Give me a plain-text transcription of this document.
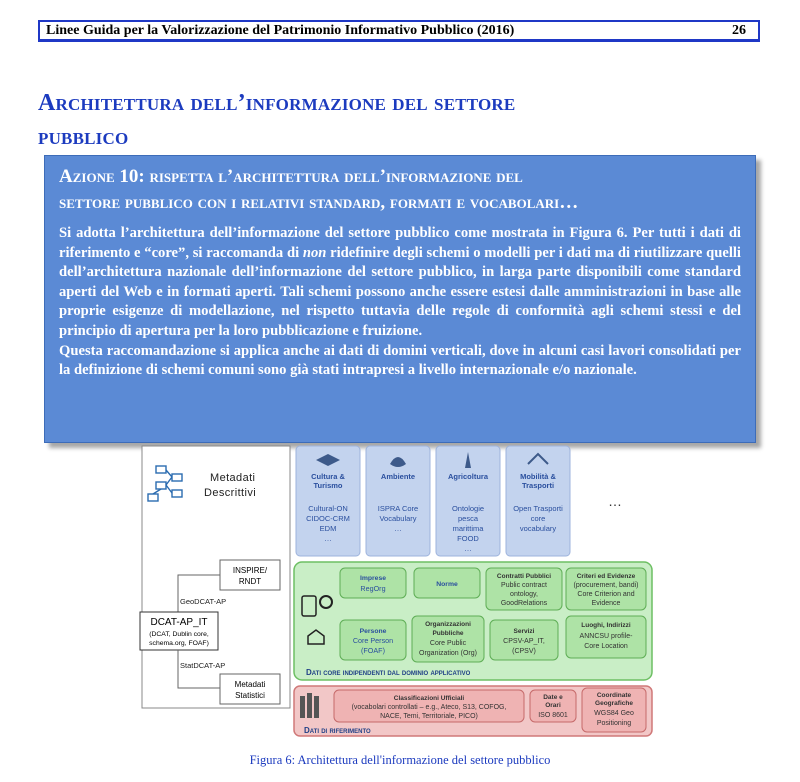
Linee Guida per la Valorizzazione del Patrimonio Informativo Pubblico (2016)	26
Architettura dell’informazione del settore
pubblico
Azione 10: rispetta l’architettura dell’informazione del
settore pubblico con i relativi standard, formati e vocabolari…

Si adotta l’architettura dell’informazione del settore pubblico come mostrata in Figura 6. Per tutti i dati di riferimento e “core”, si raccomanda di non ridefinire degli schemi o modelli per i dati ma di riutilizzare quelli dell’architettura nazionale dell’informazione del settore pubblico, in larga parte disponibili come standard aperti del Web e in formati aperti. Tali schemi possono anche essere estesi dalle amministrazioni in base alle proprie esigenze di modellazione, nel rispetto tuttavia delle regole di conformità agli schemi stessi e del principio di apertura per la loro pubblicazione e fruizione.

Questa raccomandazione si applica anche ai dati di domini verticali, dove in alcuni casi lavori consolidati per la definizione di schemi comuni sono già stati intrapresi a livello internazionale e/o nazionale.

Metadati
Descrittivi
INSPIRE/
RNDT
GeoDCAT-AP
DCAT-AP_IT
(DCAT, Dublin core,
schema.org, FOAF)
StatDCAT-AP
Metadati
Statistici
Cultura &
Turismo
Cultural-ON
CIDOC-CRM
EDM
…
Ambiente
ISPRA Core
Vocabulary
…
Agricoltura
Ontologie
pesca
marittima
FOOD
…
Mobilità &
Trasporti
Open Trasporti
core
vocabulary
…
Imprese
RegOrg	Norme
Contratti Pubblici
Public contract
ontology,
GoodRelations
Criteri ed Evidenze
(procurement, bandi)
Core Criterion and
Evidence
Persone
Core Person
(FOAF)
Organizzazioni
Pubbliche
Core Public
Organization (Org)
Servizi
CPSV-AP_IT,
(CPSV)
Luoghi, Indirizzi
ANNCSU profile-
Core Location
Dati core indipendenti dal dominio applicativo
Classificazioni Ufficiali
(vocabolari controllati – e.g., Ateco, S13, COFOG,
NACE, Temi, Territoriale, PICO)
Date e
Orari
ISO 8601
Coordinate
Geografiche
WGS84 Geo
Positioning
Dati di riferimento
Figura 6: Architettura dell'informazione del settore pubblico
